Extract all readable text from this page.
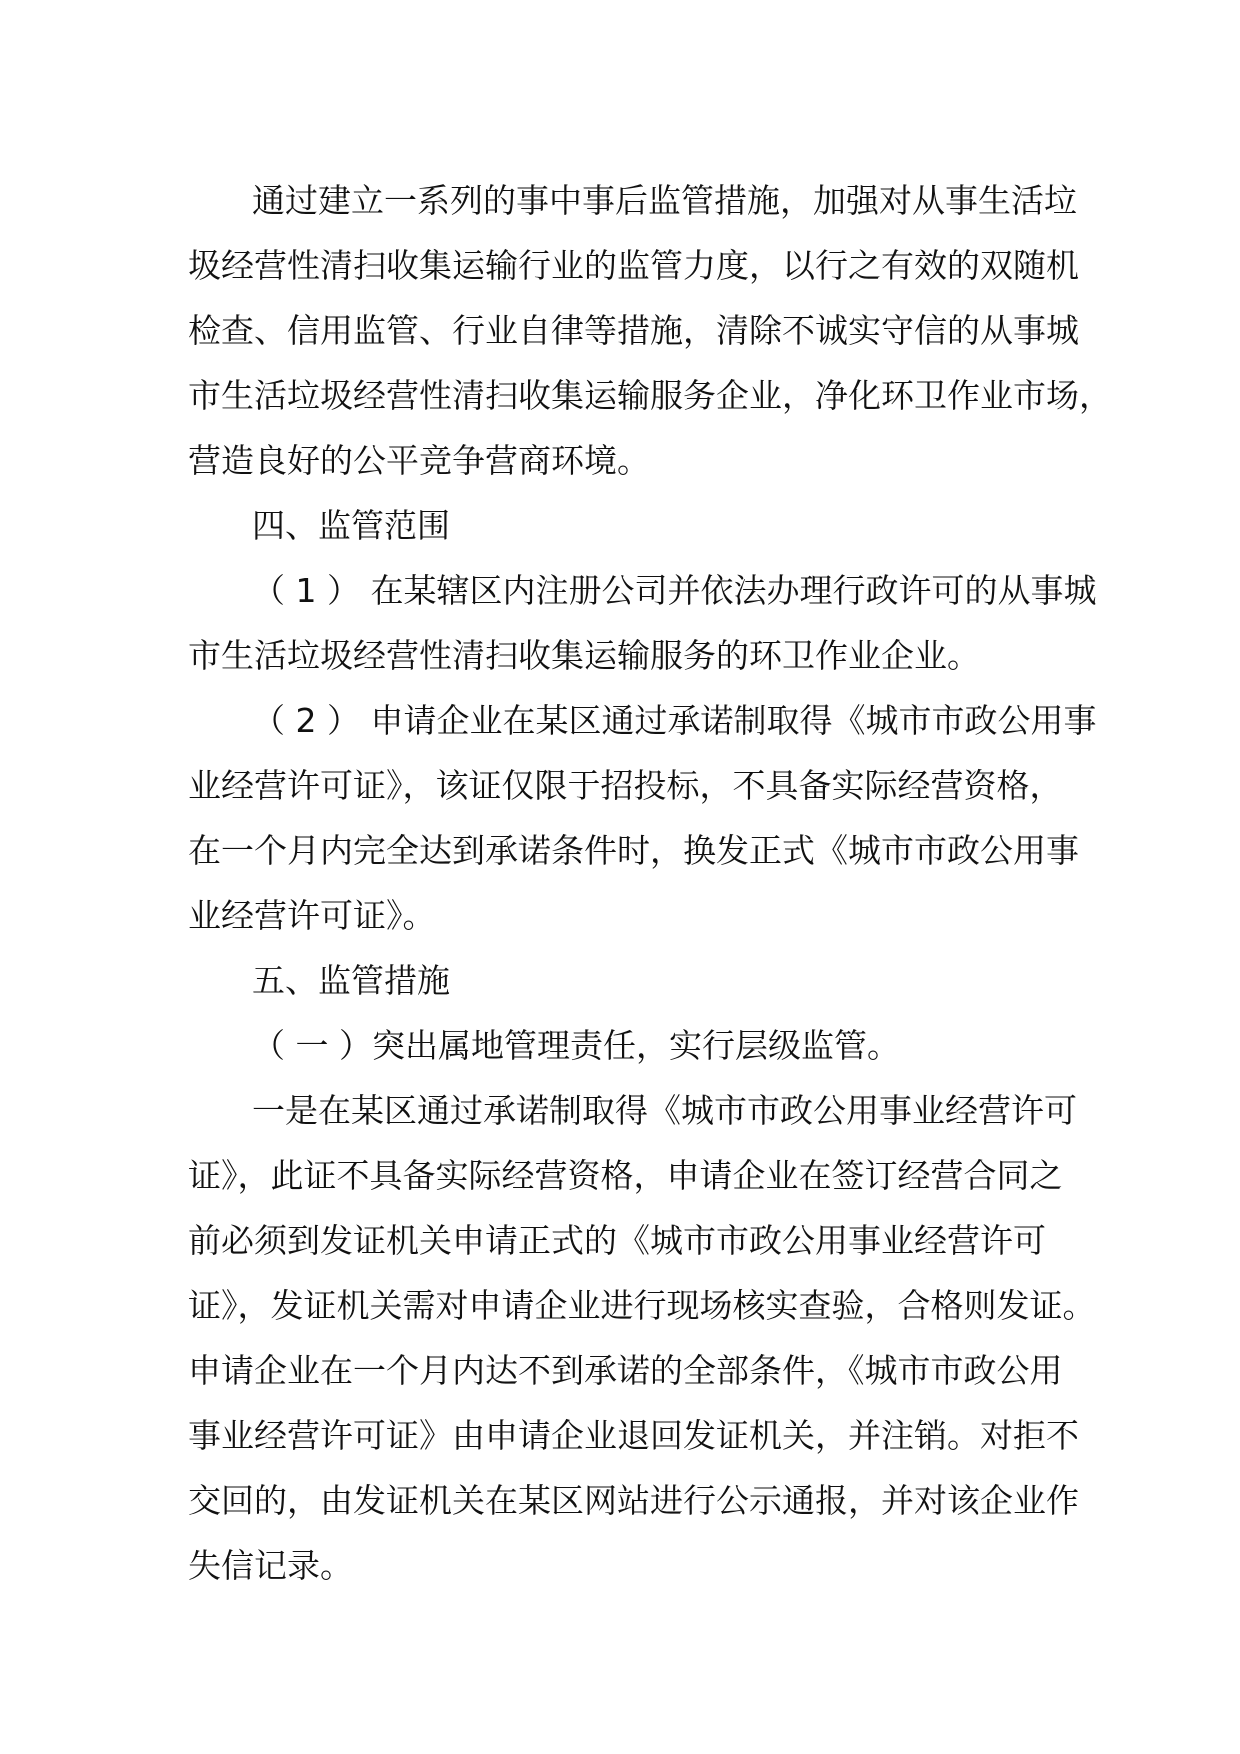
通过建立一系列的事中事后监管措施，加强对从事生活垃
圾经营性清扫收集运输行业的监管力度，以行之有效的双随机
检查、信用监管、行业自律等措施，清除不诚实守信的从事城
市生活垃圾经营性清扫收集运输服务企业，净化环卫作业市场，
营造良好的公平竞争营商环境。
四、监管范围
（ 1 ） 在某辖区内注册公司并依法办理行政许可的从事城
市生活垃圾经营性清扫收集运输服务的环卫作业企业。
（ 2 ） 申请企业在某区通过承诺制取得《城市市政公用事
业经营许可证》，该证仅限于招投标，不具备实际经营资格，
在一个月内完全达到承诺条件时，换发正式《城市市政公用事
业经营许可证》。
五、监管措施
（ 一 ）突出属地管理责任，实行层级监管。
一是在某区通过承诺制取得《城市市政公用事业经营许可
证》，此证不具备实际经营资格，申请企业在签订经营合同之
前必须到发证机关申请正式的《城市市政公用事业经营许可
证》，发证机关需对申请企业进行现场核实查验，合格则发证。
申请企业在一个月内达不到承诺的全部条件，《城市市政公用
事业经营许可证》由申请企业退回发证机关，并注销。对拒不
交回的，由发证机关在某区网站进行公示通报，并对该企业作
失信记录。
